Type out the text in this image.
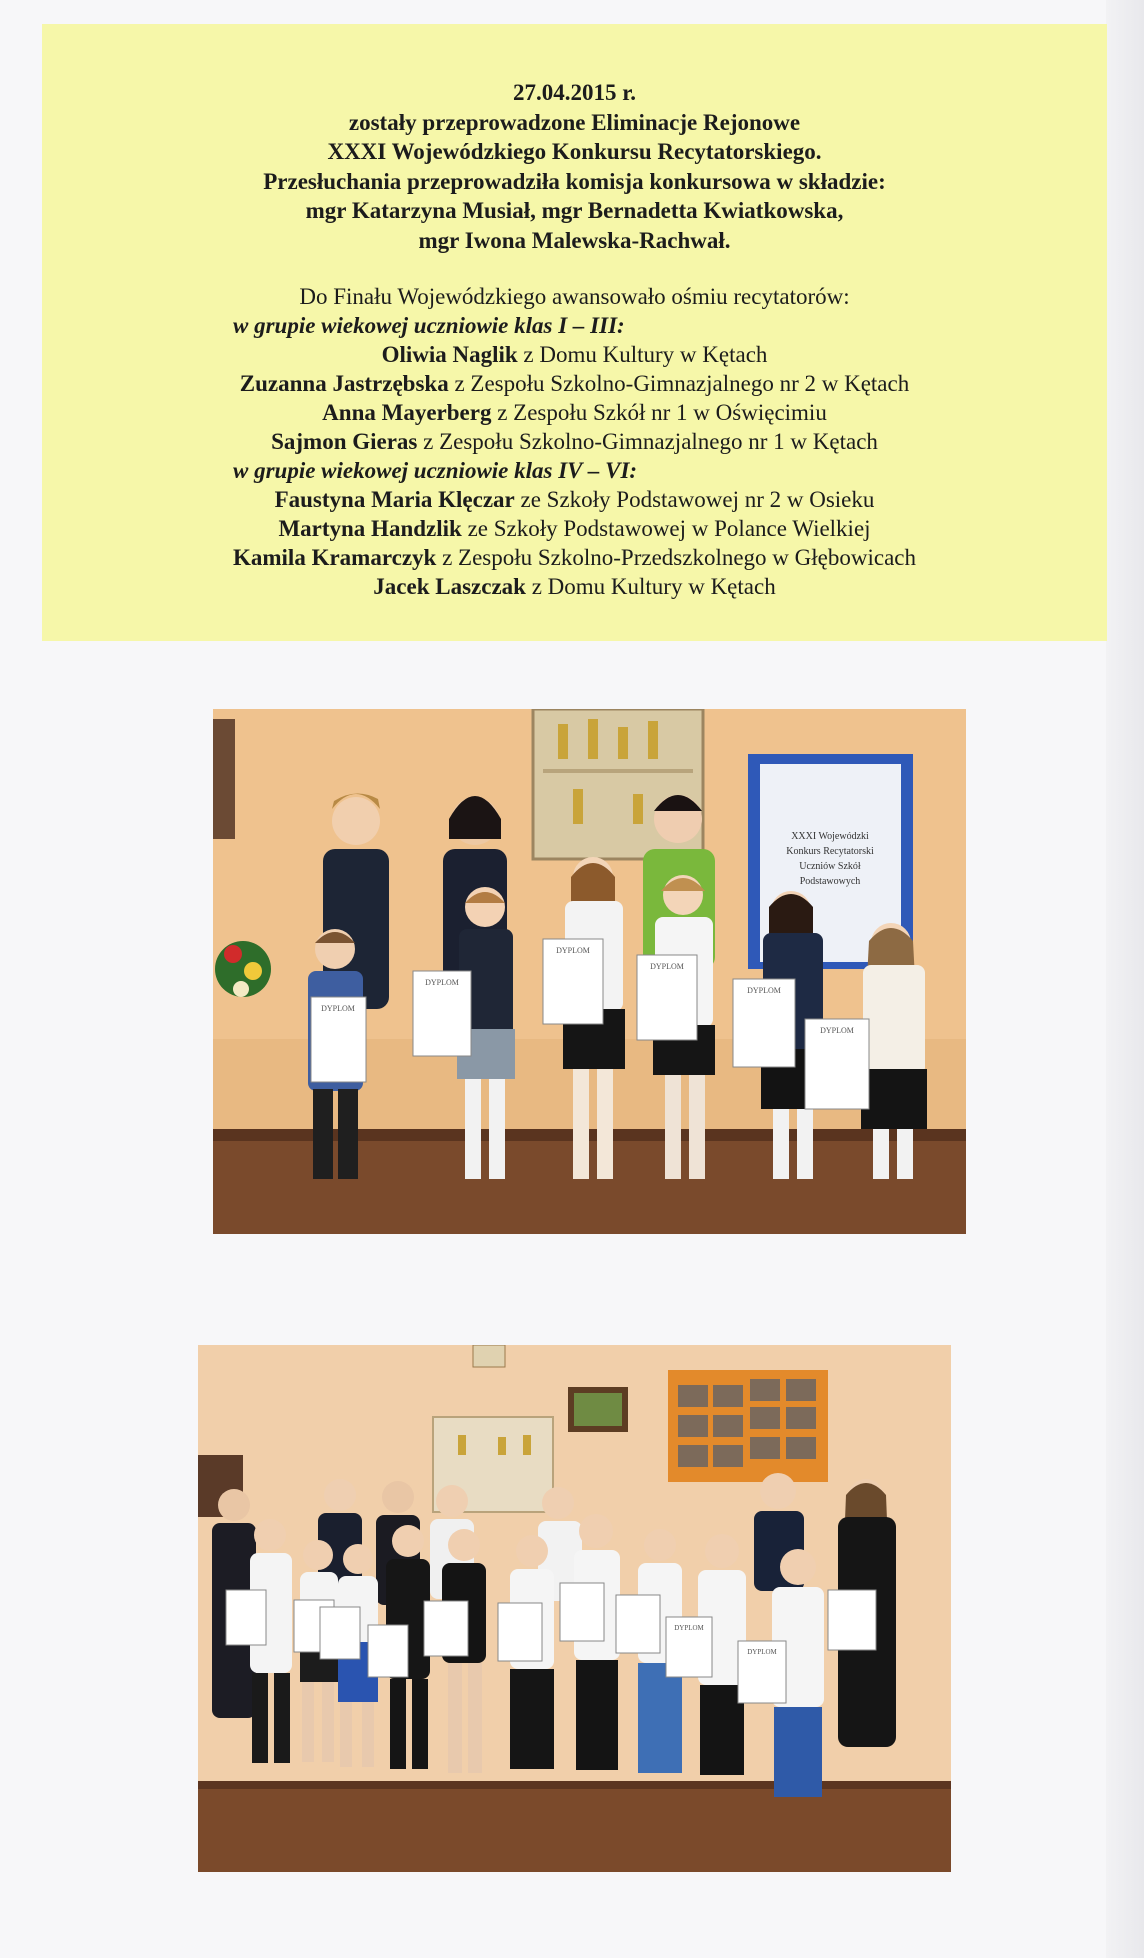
27.04.2015 r.
zostały przeprowadzone Eliminacje Rejonowe
XXXI Wojewódzkiego Konkursu Recytatorskiego.
Przesłuchania przeprowadziła komisja konkursowa w składzie:
mgr Katarzyna Musiał, mgr Bernadetta Kwiatkowska,
mgr Iwona Malewska-Rachwał.
Do Finału Wojewódzkiego awansowało ośmiu recytatorów:
w grupie wiekowej uczniowie klas I – III:
Oliwia Naglik z Domu Kultury w Kętach
Zuzanna Jastrzębska z Zespołu Szkolno-Gimnazjalnego nr 2 w Kętach
Anna Mayerberg z Zespołu Szkół nr 1 w Oświęcimiu
Sajmon Gieras z Zespołu Szkolno-Gimnazjalnego nr 1 w Kętach
w grupie wiekowej uczniowie klas IV – VI:
Faustyna Maria Klęczar ze Szkoły Podstawowej nr 2 w Osieku
Martyna Handzlik ze Szkoły Podstawowej w Polance Wielkiej
Kamila Kramarczyk z Zespołu Szkolno-Przedszkolnego w Głębowicach
Jacek Laszczak z Domu Kultury w Kętach
XXXI Wojewódzki
Konkurs Recytatorski
Uczniów Szkół
Podstawowych
DYPLOM
DYPLOM
DYPLOM
DYPLOM
DYPLOM
DYPLOM
DYPLOM
DYPLOM
